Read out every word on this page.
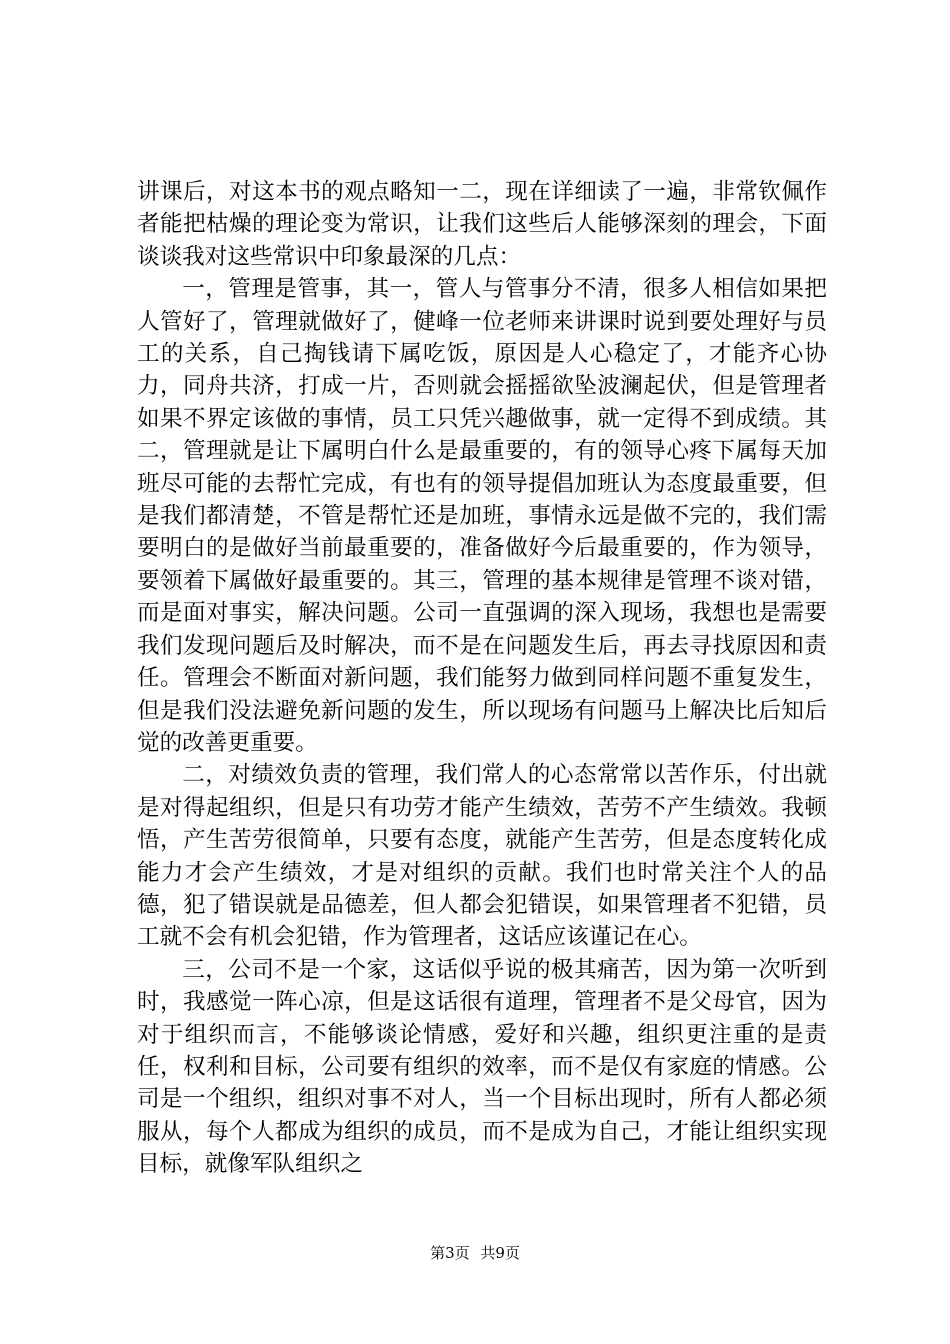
讲课后，对这本书的观点略知一二，现在详细读了一遍，非常钦佩作者能把枯燥的理论变为常识，让我们这些后人能够深刻的理会，下面谈谈我对这些常识中印象最深的几点：

一，管理是管事，其一，管人与管事分不清，很多人相信如果把人管好了，管理就做好了，健峰一位老师来讲课时说到要处理好与员工的关系，自己掏钱请下属吃饭，原因是人心稳定了，才能齐心协力，同舟共济，打成一片，否则就会摇摇欲坠波澜起伏，但是管理者如果不界定该做的事情，员工只凭兴趣做事，就一定得不到成绩。其二，管理就是让下属明白什么是最重要的，有的领导心疼下属每天加班尽可能的去帮忙完成，有也有的领导提倡加班认为态度最重要，但是我们都清楚，不管是帮忙还是加班，事情永远是做不完的，我们需要明白的是做好当前最重要的，准备做好今后最重要的，作为领导，要领着下属做好最重要的。其三，管理的基本规律是管理不谈对错，而是面对事实，解决问题。公司一直强调的深入现场，我想也是需要我们发现问题后及时解决，而不是在问题发生后，再去寻找原因和责任。管理会不断面对新问题，我们能努力做到同样问题不重复发生，但是我们没法避免新问题的发生，所以现场有问题马上解决比后知后觉的改善更重要。

二，对绩效负责的管理，我们常人的心态常常以苦作乐，付出就是对得起组织，但是只有功劳才能产生绩效，苦劳不产生绩效。我顿悟，产生苦劳很简单，只要有态度，就能产生苦劳，但是态度转化成能力才会产生绩效，才是对组织的贡献。我们也时常关注个人的品德，犯了错误就是品德差，但人都会犯错误，如果管理者不犯错，员工就不会有机会犯错，作为管理者，这话应该谨记在心。

三，公司不是一个家，这话似乎说的极其痛苦，因为第一次听到时，我感觉一阵心凉，但是这话很有道理，管理者不是父母官，因为对于组织而言，不能够谈论情感，爱好和兴趣，组织更注重的是责任，权利和目标，公司要有组织的效率，而不是仅有家庭的情感。公司是一个组织，组织对事不对人，当一个目标出现时，所有人都必须服从，每个人都成为组织的成员，而不是成为自己，才能让组织实现目标，就像军队组织之

第3页 共9页
